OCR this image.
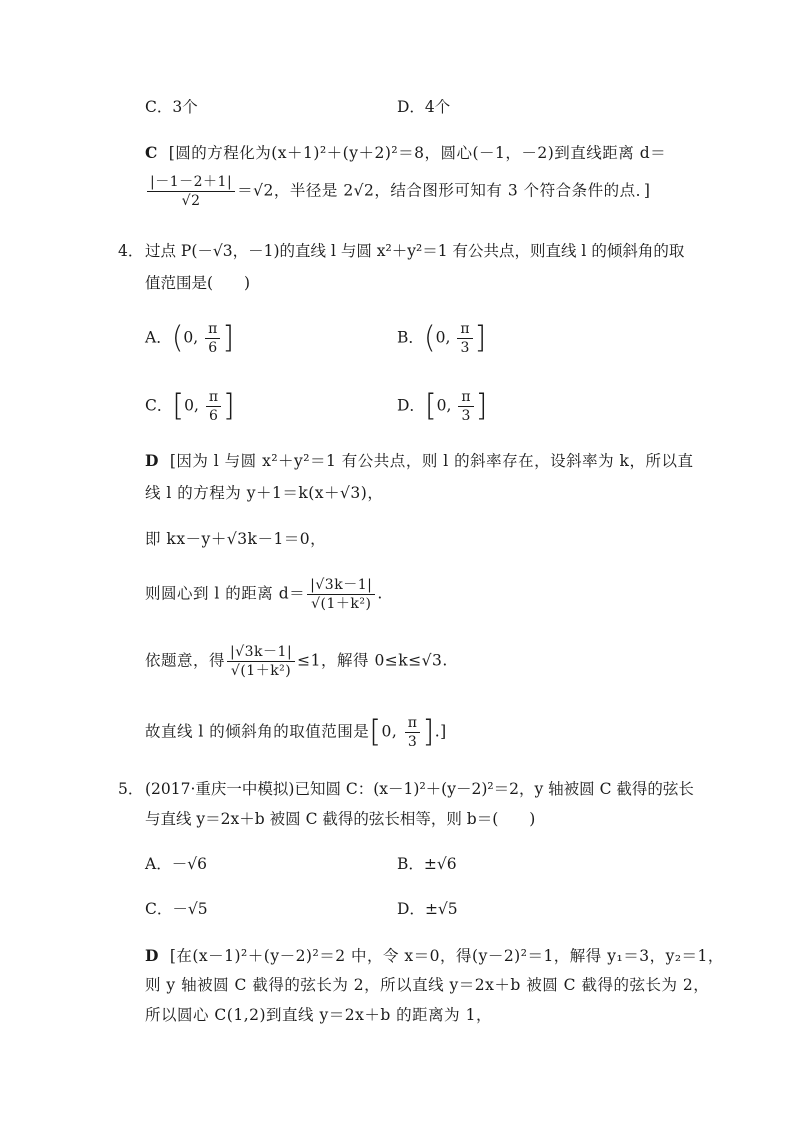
C．3个	D．4个
C [圆的方程化为(x＋1)²＋(y＋2)²＝8，圆心(－1，－2)到直线距离 d＝
$\frac{|-1-2+1|}{√2} =√2$，半径是 2√2，结合图形可知有 3 个符合条件的点．]
4． 过点 P(－√3，－1)的直线 l 与圆 x²＋y²＝1 有公共点，则直线 l 的倾斜角的取
值范围是(　　)
A．(0, $\frac{\pi}{6}$ ]	B．(0, $\frac{\pi}{3}$ ]
C．[0, $\frac{\pi}{6}$ ]	D．[0, $\frac{\pi}{3}$ ]
D [因为 l 与圆 x²＋y²＝1 有公共点，则 l 的斜率存在，设斜率为 k，所以直
线 l 的方程为 y＋1＝k(x＋√3)，
即 kx－y＋√3k－1＝0，
则圆心到 l 的距离 $d= \frac{|√3k-1|}{\text{√(1＋k²)}}$ .
依题意，得 $\frac{|√3k-1|}{\text{√(1＋k²)}} \le 1$，解得 0≤k≤√3.
故直线 l 的倾斜角的取值范围是[0, $\frac{\pi}{3}$ ].]
5． (2017·重庆一中模拟)已知圆 C：(x－1)²＋(y－2)²＝2，y 轴被圆 C 截得的弦长
与直线 y＝2x＋b 被圆 C 截得的弦长相等，则 b＝(　　)
A．－√6	B．±√6
C．－√5	D．±√5
D [在(x－1)²＋(y－2)²＝2 中，令 x＝0，得(y－2)²＝1，解得 y₁＝3，y₂＝1，
则 y 轴被圆 C 截得的弦长为 2，所以直线 y＝2x＋b 被圆 C 截得的弦长为 2，
所以圆心 C(1,2)到直线 y＝2x＋b 的距离为 1，
